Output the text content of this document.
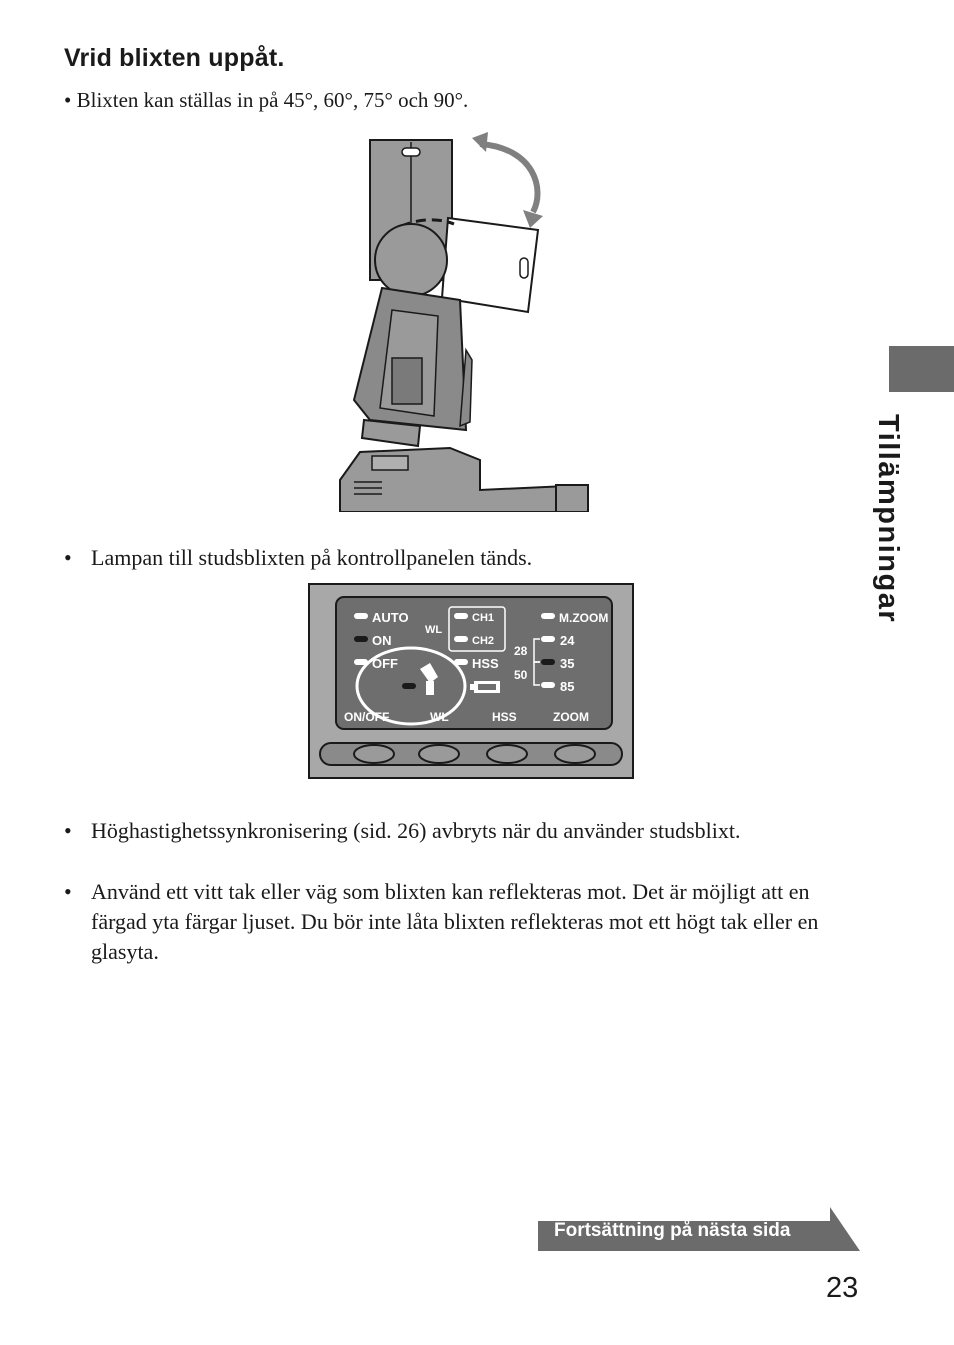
Vrid blixten uppåt.
• Blixten kan ställas in på 45°, 60°, 75° och 90°.
• Lampan till studsblixten på kontrollpanelen tänds.
AUTO
ON
OFF
WL
CH1
CH2
HSS
M.ZOOM
24
35
85
28
50
ON/OFF	WL	HSS	ZOOM
• Höghastighetssynkronisering (sid. 26) avbryts när du använder studsblixt.
• Använd ett vitt tak eller väg som blixten kan reflekteras mot. Det är möjligt att en färgad yta färgar ljuset. Du bör inte låta blixten reflekteras mot ett högt tak eller en glasyta.
Tillämpningar
Fortsättning på nästa sida
23
